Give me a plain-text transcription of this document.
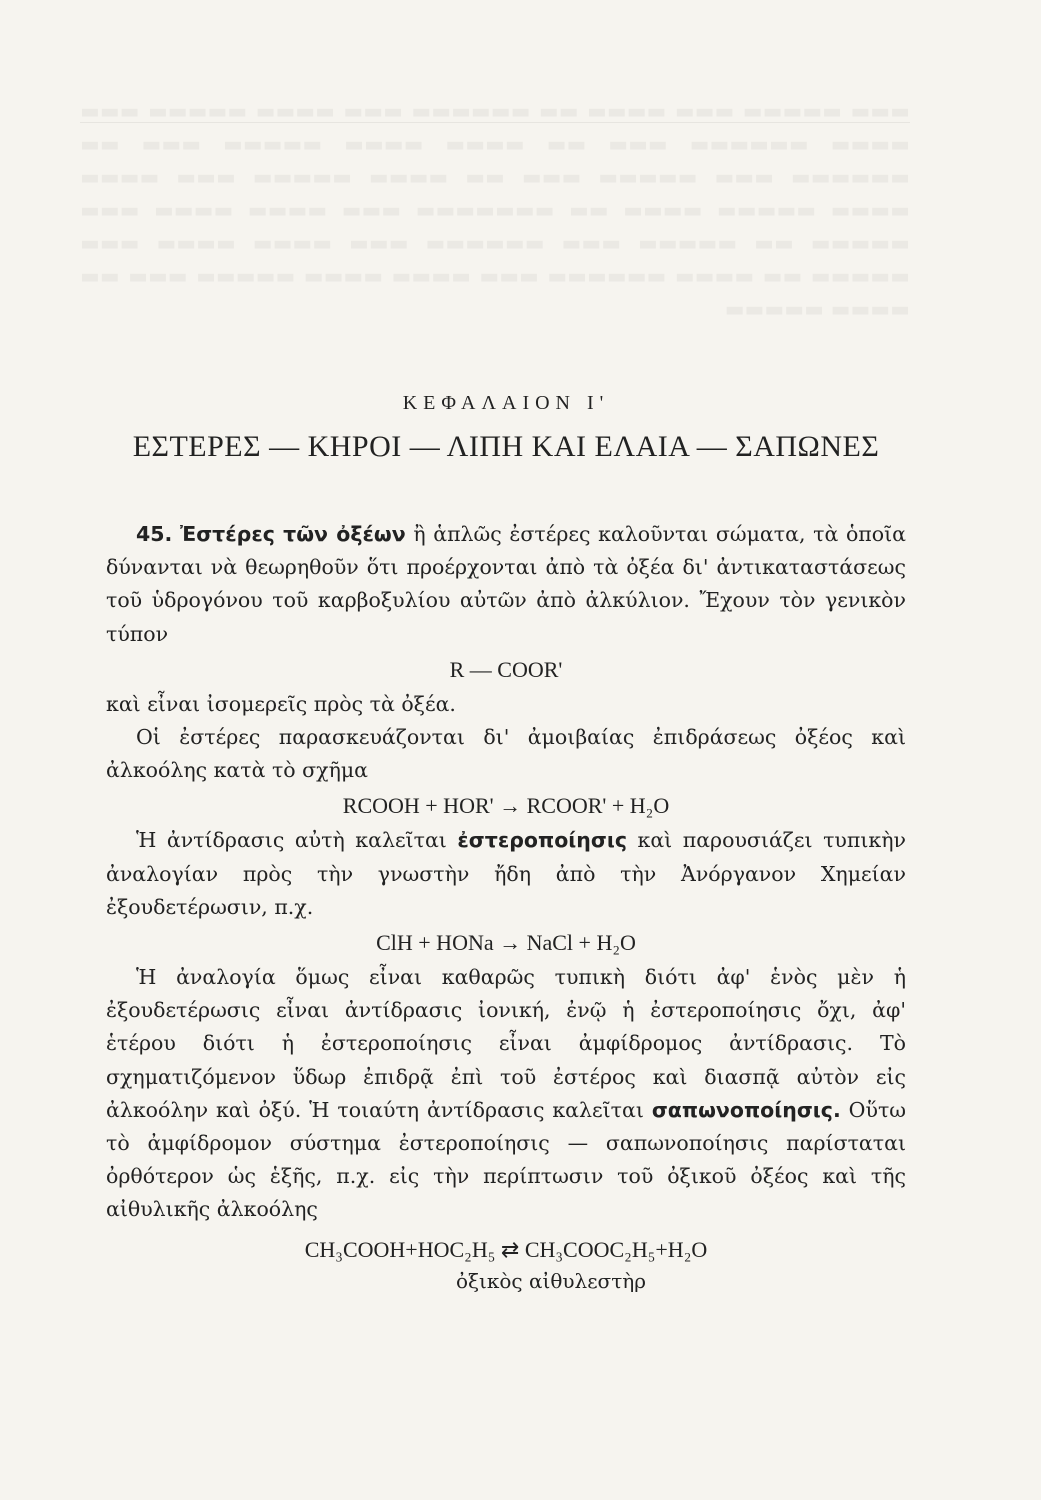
ΚΕΦΑΛΑΙΟΝ Ι'
ΕΣΤΕΡΕΣ — ΚΗΡΟΙ — ΛΙΠΗ ΚΑΙ ΕΛΑΙΑ — ΣΑΠΩΝΕΣ

45. Ἐστέρες τῶν ὀξέων ἢ ἁπλῶς ἐστέρες καλοῦνται σώματα, τὰ ὁποῖα δύνανται νὰ θεωρηθοῦν ὅτι προέρχονται ἀπὸ τὰ ὀξέα δι' ἀντικαταστάσεως τοῦ ὑδρογόνου τοῦ καρβοξυλίου αὐτῶν ἀπὸ ἀλκύλιον. Ἔχουν τὸν γενικὸν τύπον

R — COOR'

καὶ εἶναι ἰσομερεῖς πρὸς τὰ ὀξέα.

Οἱ ἐστέρες παρασκευάζονται δι' ἀμοιβαίας ἐπιδράσεως ὀξέος καὶ ἀλκοόλης κατὰ τὸ σχῆμα

RCOOH + HOR' → RCOOR' + H₂O

Ἡ ἀντίδρασις αὐτὴ καλεῖται ἐστεροποίησις καὶ παρουσιάζει τυπικὴν ἀναλογίαν πρὸς τὴν γνωστὴν ἤδη ἀπὸ τὴν Ἀνόργανον Χημείαν ἐξουδετέρωσιν, π.χ.

ClH + HONa → NaCl + H₂O

Ἡ ἀναλογία ὅμως εἶναι καθαρῶς τυπικὴ διότι ἀφ' ἑνὸς μὲν ἡ ἐξουδετέρωσις εἶναι ἀντίδρασις ἰονική, ἐνῷ ἡ ἐστεροποίησις ὄχι, ἀφ' ἑτέρου διότι ἡ ἐστεροποίησις εἶναι ἀμφίδρομος ἀντίδρασις. Τὸ σχηματιζόμενον ὕδωρ ἐπιδρᾷ ἐπὶ τοῦ ἐστέρος καὶ διασπᾷ αὐτὸν εἰς ἀλκοόλην καὶ ὀξύ. Ἡ τοιαύτη ἀντίδρασις καλεῖται σαπωνοποίησις. Οὕτω τὸ ἀμφίδρομον σύστημα ἐστεροποίησις — σαπωνοποίησις παρίσταται ὀρθότερον ὡς ἑξῆς, π.χ. εἰς τὴν περίπτωσιν τοῦ ὀξικοῦ ὀξέος καὶ τῆς αἰθυλικῆς ἀλκοόλης

CH₃COOH+HOC₂H₅ ⇄ CH₃COOC₂H₅+H₂O
ὀξικὸς αἰθυλεστὴρ
